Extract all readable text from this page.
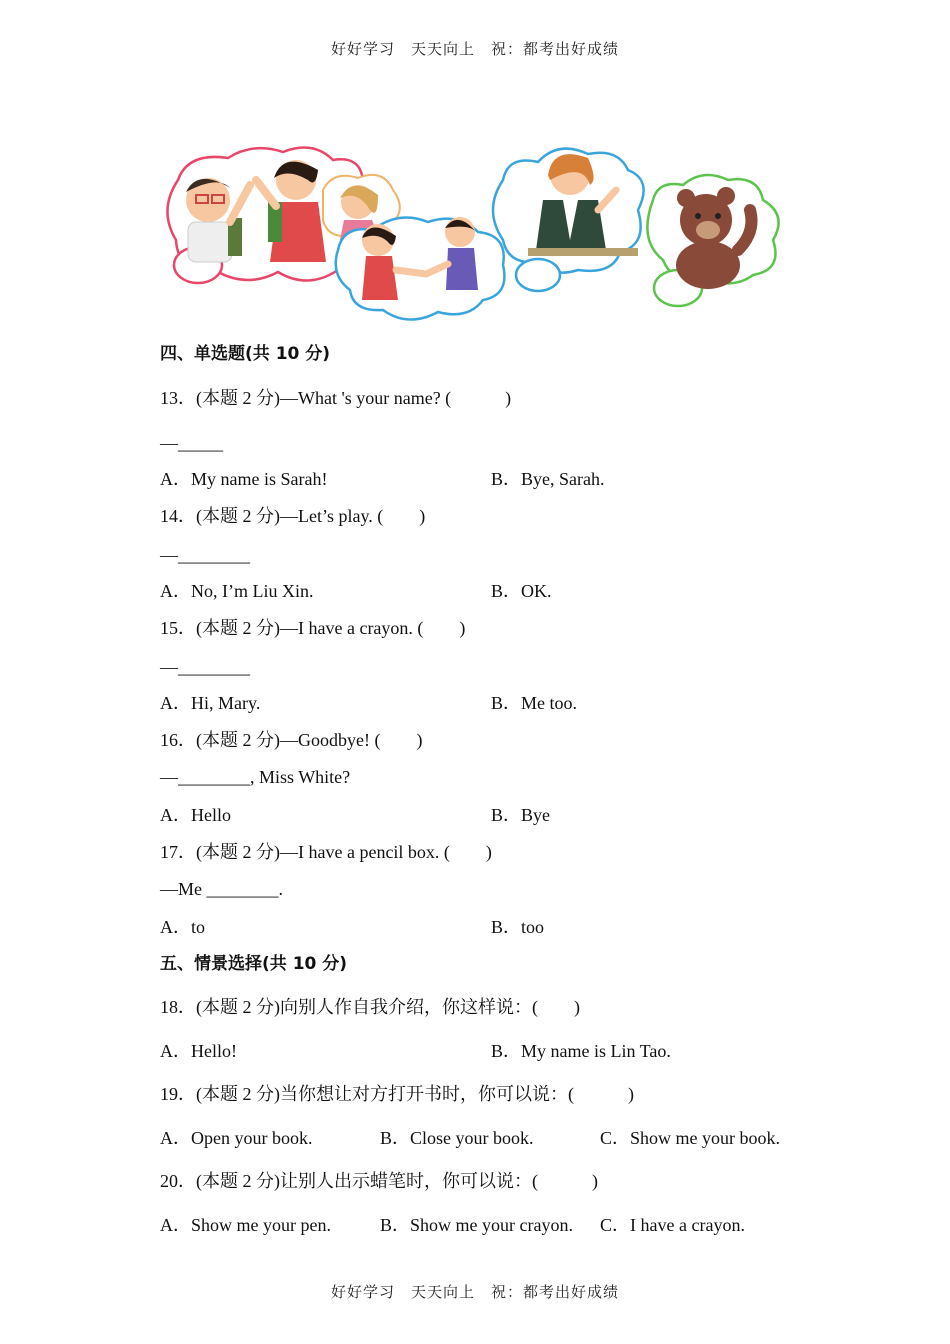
好好学习　天天向上　祝：都考出好成绩
四、单选题(共 10 分)
13．(本题 2 分)—What 's your name? (　　　)
—_____
A．My name is Sarah!	B．Bye, Sarah.
14．(本题 2 分)—Let’s play. (　　)
—________
A．No, I’m Liu Xin.	B．OK.
15．(本题 2 分)—I have a crayon. (　　)
—________
A．Hi, Mary.	B．Me too.
16．(本题 2 分)—Goodbye! (　　)
—________, Miss White?
A．Hello	B．Bye
17．(本题 2 分)—I have a pencil box. (　　)
—Me ________.
A．to	B．too
五、情景选择(共 10 分)
18．(本题 2 分)向别人作自我介绍，你这样说：(　　)
A．Hello!	B．My name is Lin Tao.
19．(本题 2 分)当你想让对方打开书时，你可以说：(　　　)
A．Open your book.	B．Close your book.	C．Show me your book.
20．(本题 2 分)让别人出示蜡笔时，你可以说：(　　　)
A．Show me your pen.	B．Show me your crayon. C．I have a crayon.
好好学习　天天向上　祝：都考出好成绩
